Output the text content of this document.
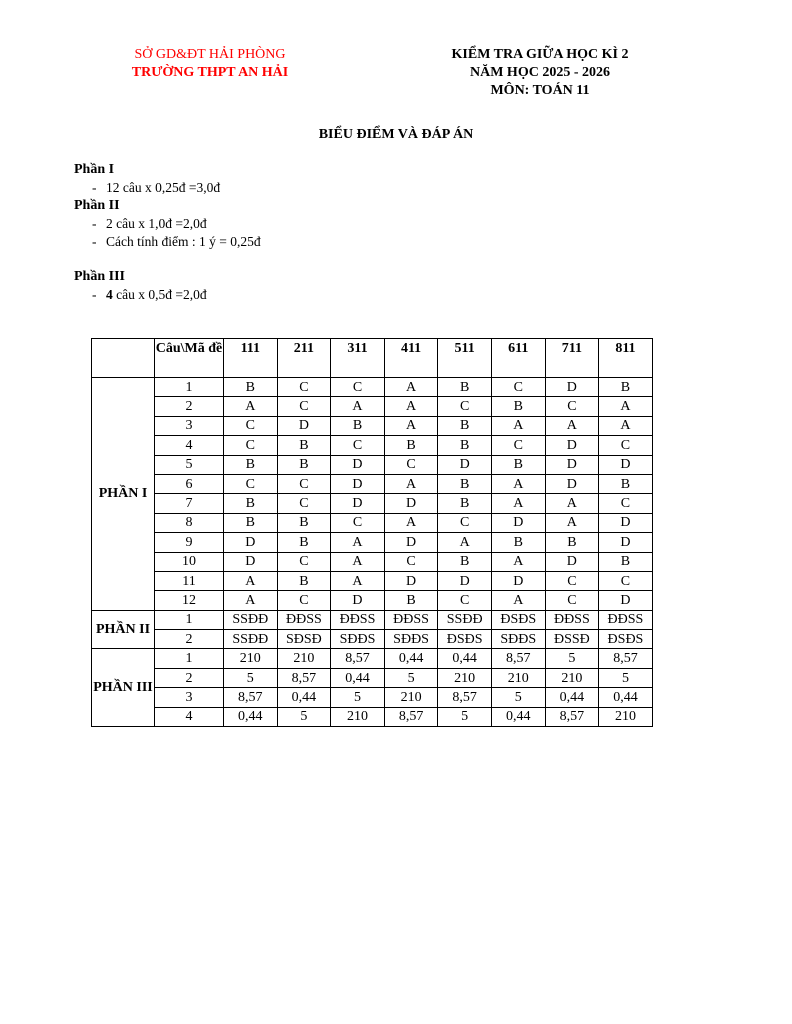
SỞ GD&ĐT HẢI PHÒNG
TRƯỜNG THPT AN HẢI
KIỂM TRA GIỮA HỌC KÌ 2
NĂM HỌC 2025 - 2026
MÔN: TOÁN 11
BIỂU ĐIỂM VÀ ĐÁP ÁN
Phần I
- 12 câu x 0,25đ =3,0đ
Phần II
- 2 câu x 1,0đ =2,0đ
- Cách tính điểm : 1 ý = 0,25đ
Phần III
- 4 câu x 0,5đ =2,0đ
	Câu\Mã đề	111	211	311	411	511	611	711	811
PHẦN I	1	B	C	C	A	B	C	D	B
	2	A	C	A	A	C	B	C	A
	3	C	D	B	A	B	A	A	A
	4	C	B	C	B	B	C	D	C
	5	B	B	D	C	D	B	D	D
	6	C	C	D	A	B	A	D	B
	7	B	C	D	D	B	A	A	C
	8	B	B	C	A	C	D	A	D
	9	D	B	A	D	A	B	B	D
	10	D	C	A	C	B	A	D	B
	11	A	B	A	D	D	D	C	C
	12	A	C	D	B	C	A	C	D
PHẦN II	1	SSĐĐ	ĐĐSS	ĐĐSS	ĐĐSS	SSĐĐ	ĐSĐS	ĐĐSS	ĐĐSS
	2	SSĐĐ	SĐSĐ	SĐĐS	SĐĐS	ĐSĐS	SĐĐS	ĐSSĐ	ĐSĐS
PHẦN III	1	210	210	8,57	0,44	0,44	8,57	5	8,57
	2	5	8,57	0,44	5	210	210	210	5
	3	8,57	0,44	5	210	8,57	5	0,44	0,44
	4	0,44	5	210	8,57	5	0,44	8,57	210
